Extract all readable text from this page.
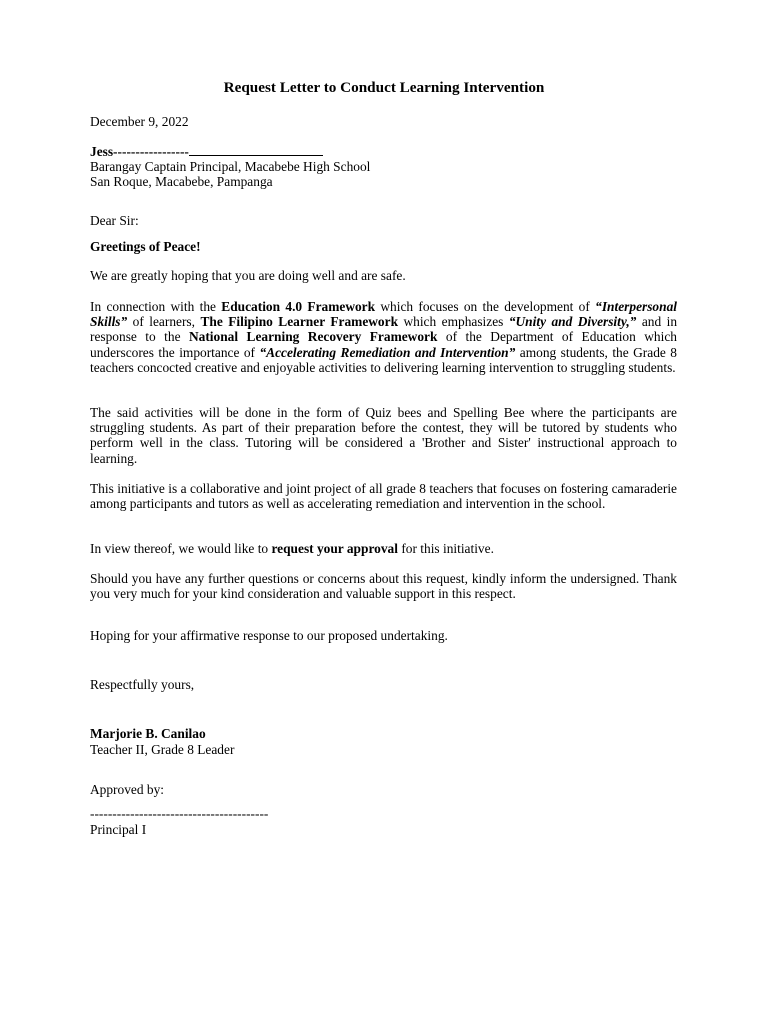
Request Letter to Conduct Learning Intervention
December 9, 2022
Jess-----------------
Barangay Captain Principal, Macabebe High School
San Roque, Macabebe, Pampanga
Dear Sir:
Greetings of Peace!
We are greatly hoping that you are doing well and are safe.
In connection with the Education 4.0 Framework which focuses on the development of “Interpersonal Skills” of learners, The Filipino Learner Framework which emphasizes “Unity and Diversity,” and in response to the National Learning Recovery Framework of the Department of Education which underscores the importance of “Accelerating Remediation and Intervention” among students, the Grade 8 teachers concocted creative and enjoyable activities to delivering learning intervention to struggling students.
The said activities will be done in the form of Quiz bees and Spelling Bee where the participants are struggling students. As part of their preparation before the contest, they will be tutored by students who perform well in the class. Tutoring will be considered a 'Brother and Sister' instructional approach to learning.
This initiative is a collaborative and joint project of all grade 8 teachers that focuses on fostering camaraderie among participants and tutors as well as accelerating remediation and intervention in the school.
In view thereof, we would like to request your approval for this initiative.
Should you have any further questions or concerns about this request, kindly inform the undersigned. Thank you very much for your kind consideration and valuable support in this respect.
Hoping for your affirmative response to our proposed undertaking.
Respectfully yours,
Marjorie B. Canilao
Teacher II, Grade 8 Leader
Approved by:
----------------------------------------
Principal I
